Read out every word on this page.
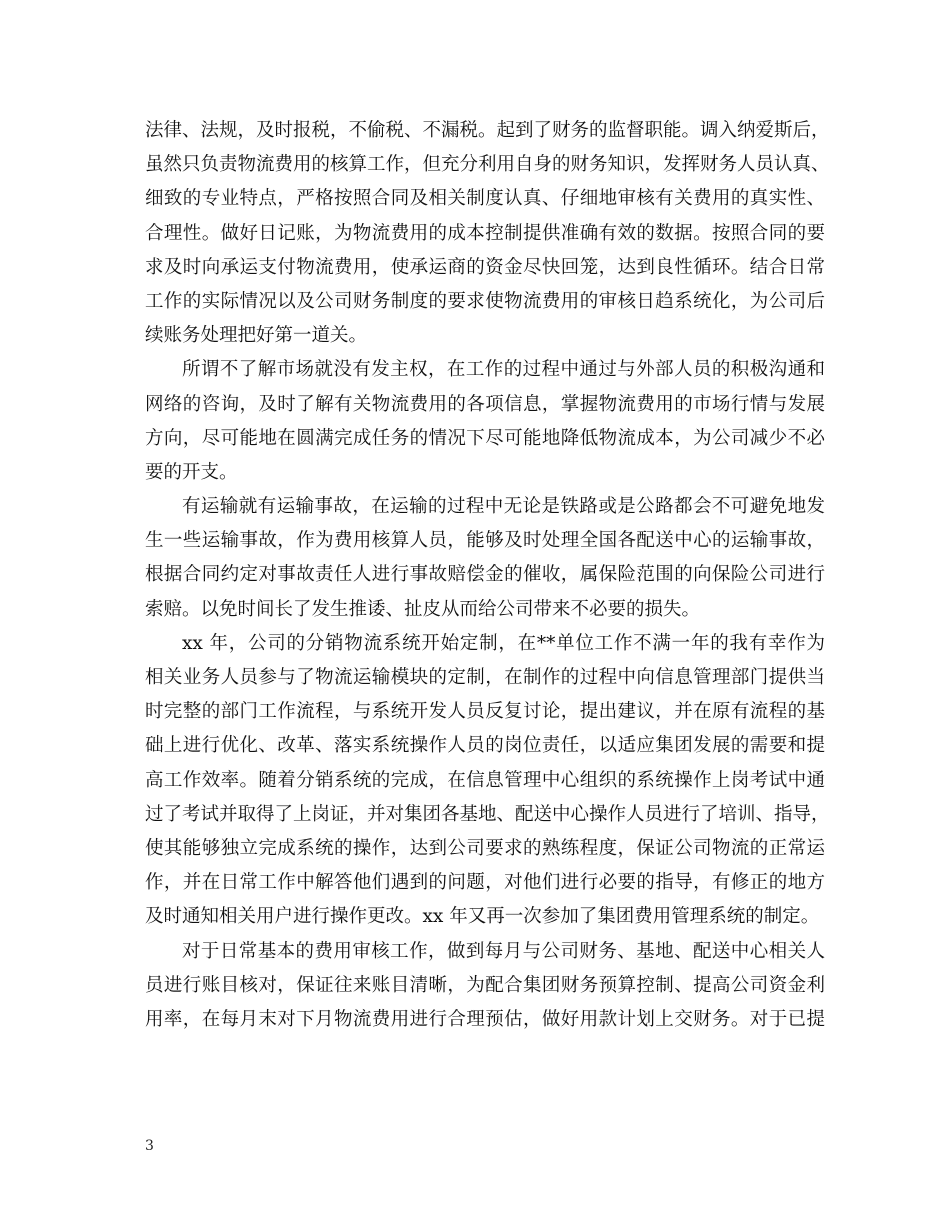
法律、法规，及时报税，不偷税、不漏税。起到了财务的监督职能。调入纳爱斯后，
虽然只负责物流费用的核算工作，但充分利用自身的财务知识，发挥财务人员认真、
细致的专业特点，严格按照合同及相关制度认真、仔细地审核有关费用的真实性、
合理性。做好日记账，为物流费用的成本控制提供准确有效的数据。按照合同的要
求及时向承运支付物流费用，使承运商的资金尽快回笼，达到良性循环。结合日常
工作的实际情况以及公司财务制度的要求使物流费用的审核日趋系统化，为公司后
续账务处理把好第一道关。
所谓不了解市场就没有发主权，在工作的过程中通过与外部人员的积极沟通和
网络的咨询，及时了解有关物流费用的各项信息，掌握物流费用的市场行情与发展
方向，尽可能地在圆满完成任务的情况下尽可能地降低物流成本，为公司减少不必
要的开支。
有运输就有运输事故，在运输的过程中无论是铁路或是公路都会不可避免地发
生一些运输事故，作为费用核算人员，能够及时处理全国各配送中心的运输事故，
根据合同约定对事故责任人进行事故赔偿金的催收，属保险范围的向保险公司进行
索赔。以免时间长了发生推诿、扯皮从而给公司带来不必要的损失。
xx 年，公司的分销物流系统开始定制，在**单位工作不满一年的我有幸作为
相关业务人员参与了物流运输模块的定制，在制作的过程中向信息管理部门提供当
时完整的部门工作流程，与系统开发人员反复讨论，提出建议，并在原有流程的基
础上进行优化、改革、落实系统操作人员的岗位责任，以适应集团发展的需要和提
高工作效率。随着分销系统的完成，在信息管理中心组织的系统操作上岗考试中通
过了考试并取得了上岗证，并对集团各基地、配送中心操作人员进行了培训、指导，
使其能够独立完成系统的操作，达到公司要求的熟练程度，保证公司物流的正常运
作，并在日常工作中解答他们遇到的问题，对他们进行必要的指导，有修正的地方
及时通知相关用户进行操作更改。xx 年又再一次参加了集团费用管理系统的制定。
对于日常基本的费用审核工作，做到每月与公司财务、基地、配送中心相关人
员进行账目核对，保证往来账目清晰，为配合集团财务预算控制、提高公司资金利
用率，在每月末对下月物流费用进行合理预估，做好用款计划上交财务。对于已提
3
